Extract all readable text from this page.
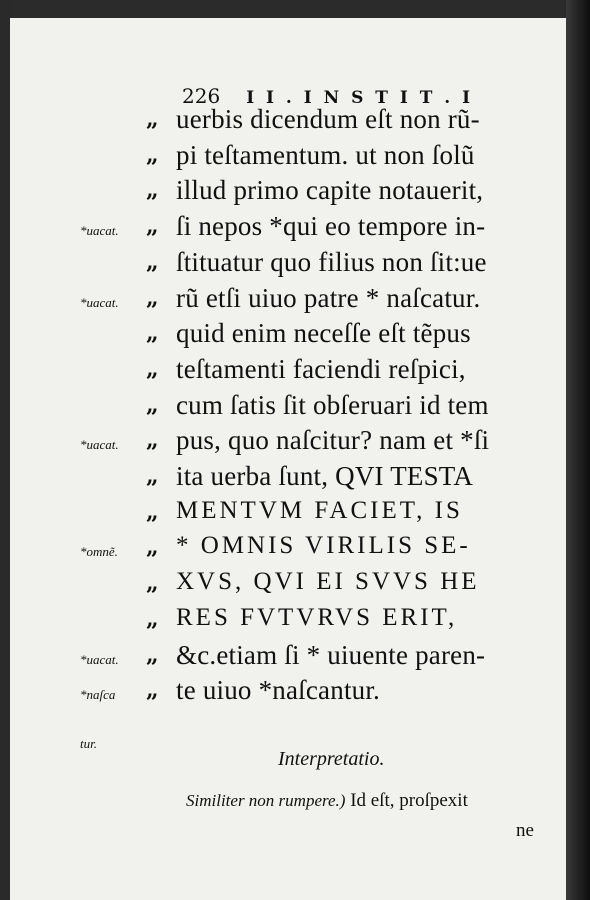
226 I I . I N S T I T . I
„ uerbis dicendum eſt non rũ-
„ pi teſtamentum. ut non ſolũ
„ illud primo capite notauerit,
„ ſi nepos *qui eo tempore in-
*uacat.
„ ſtituatur quo filius non ſit:ue
„ rũ etſi uiuo patre * naſcatur.
*uacat.
„ quid enim neceſſe eſt tẽpus
„ teſtamenti faciendi reſpici,
„ cum ſatis ſit obſeruari id tem
„ pus, quo naſcitur? nam et *ſi
*uacat.
„ ita uerba ſunt, QVI TESTA
„ MENTVM FACIET, IS
„ * OMNIS VIRILIS SE-
*omnẽ.
„ XVS, QVI EI SVVS HE
„ RES FVTVRVS ERIT,
„ &c.etiam ſi * uiuente paren-
*uacat.
„ te uiuo *naſcantur.
*naſca
tur.
Interpretatio.
Similiter non rumpere.) Id eſt, proſpexit
ne
